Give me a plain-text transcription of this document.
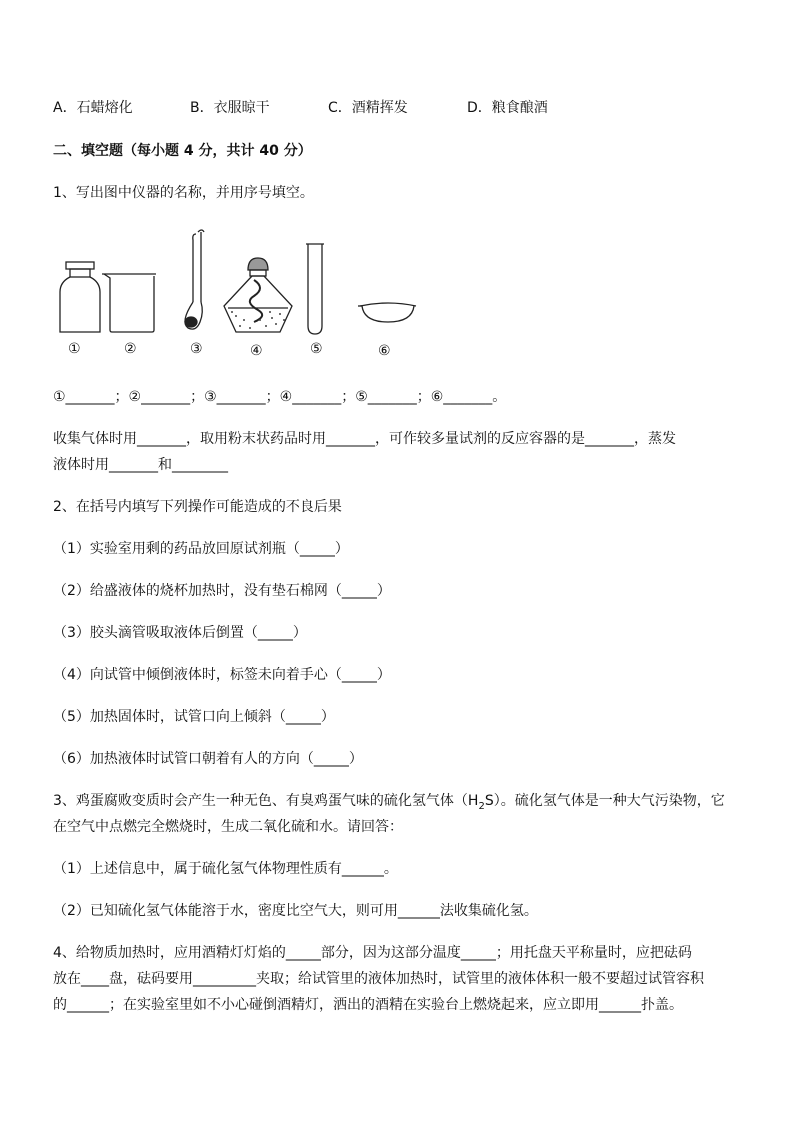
A．石蜡熔化	B．衣服晾干	C．酒精挥发	D．粮食酿酒
二、填空题（每小题 4 分，共计 40 分）
1、写出图中仪器的名称，并用序号填空。
①	②	③	④	⑤	⑥
①_______；②_______；③_______；④_______；⑤_______；⑥_______。
收集气体时用_______，取用粉末状药品时用_______，可作较多量试剂的反应容器的是_______，蒸发
液体时用_______和________
2、在括号内填写下列操作可能造成的不良后果
（1）实验室用剩的药品放回原试剂瓶（_____）
（2）给盛液体的烧杯加热时，没有垫石棉网（_____）
（3）胶头滴管吸取液体后倒置（_____）
（4）向试管中倾倒液体时，标签未向着手心（_____）
（5）加热固体时，试管口向上倾斜（_____）
（6）加热液体时试管口朝着有人的方向（_____）
3、鸡蛋腐败变质时会产生一种无色、有臭鸡蛋气味的硫化氢气体$(H_2S)$。硫化氢气体是一种大气污染物，它
在空气中点燃完全燃烧时，生成二氧化硫和水。请回答：
（1）上述信息中，属于硫化氢气体物理性质有______。
（2）已知硫化氢气体能溶于水，密度比空气大，则可用______法收集硫化氢。
4、给物质加热时，应用酒精灯灯焰的_____部分，因为这部分温度_____；用托盘天平称量时，应把砝码
放在____盘，砝码要用_________夹取；给试管里的液体加热时，试管里的液体体积一般不要超过试管容积
的______；在实验室里如不小心碰倒酒精灯，洒出的酒精在实验台上燃烧起来，应立即用______扑盖。
